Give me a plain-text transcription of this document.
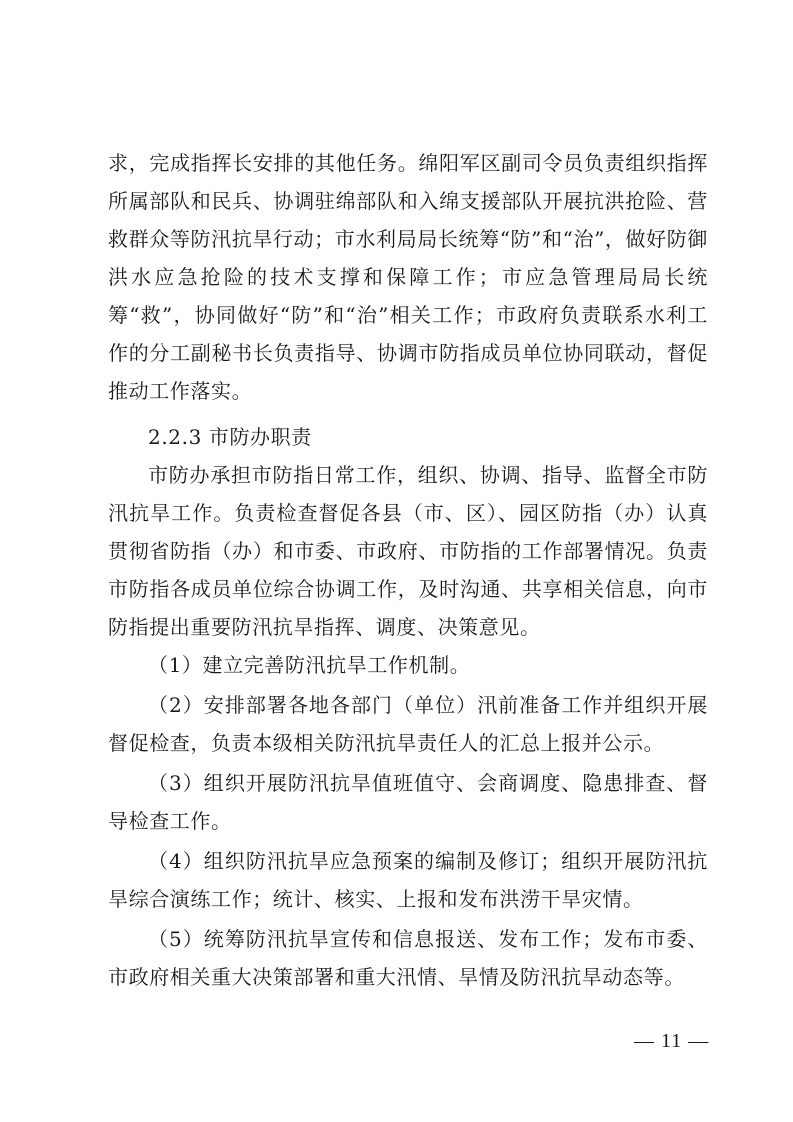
求，完成指挥长安排的其他任务。绵阳军区副司令员负责组织指挥所属部队和民兵、协调驻绵部队和入绵支援部队开展抗洪抢险、营救群众等防汛抗旱行动；市水利局局长统筹“防”和“治”，做好防御洪水应急抢险的技术支撑和保障工作；市应急管理局局长统筹“救”，协同做好“防”和“治”相关工作；市政府负责联系水利工作的分工副秘书长负责指导、协调市防指成员单位协同联动，督促推动工作落实。

2.2.3 市防办职责

市防办承担市防指日常工作，组织、协调、指导、监督全市防汛抗旱工作。负责检查督促各县（市、区）、园区防指（办）认真贯彻省防指（办）和市委、市政府、市防指的工作部署情况。负责市防指各成员单位综合协调工作，及时沟通、共享相关信息，向市防指提出重要防汛抗旱指挥、调度、决策意见。

（1）建立完善防汛抗旱工作机制。

（2）安排部署各地各部门（单位）汛前准备工作并组织开展督促检查，负责本级相关防汛抗旱责任人的汇总上报并公示。

（3）组织开展防汛抗旱值班值守、会商调度、隐患排查、督导检查工作。

（4）组织防汛抗旱应急预案的编制及修订；组织开展防汛抗旱综合演练工作；统计、核实、上报和发布洪涝干旱灾情。

（5）统筹防汛抗旱宣传和信息报送、发布工作；发布市委、市政府相关重大决策部署和重大汛情、旱情及防汛抗旱动态等。

— 11 —
